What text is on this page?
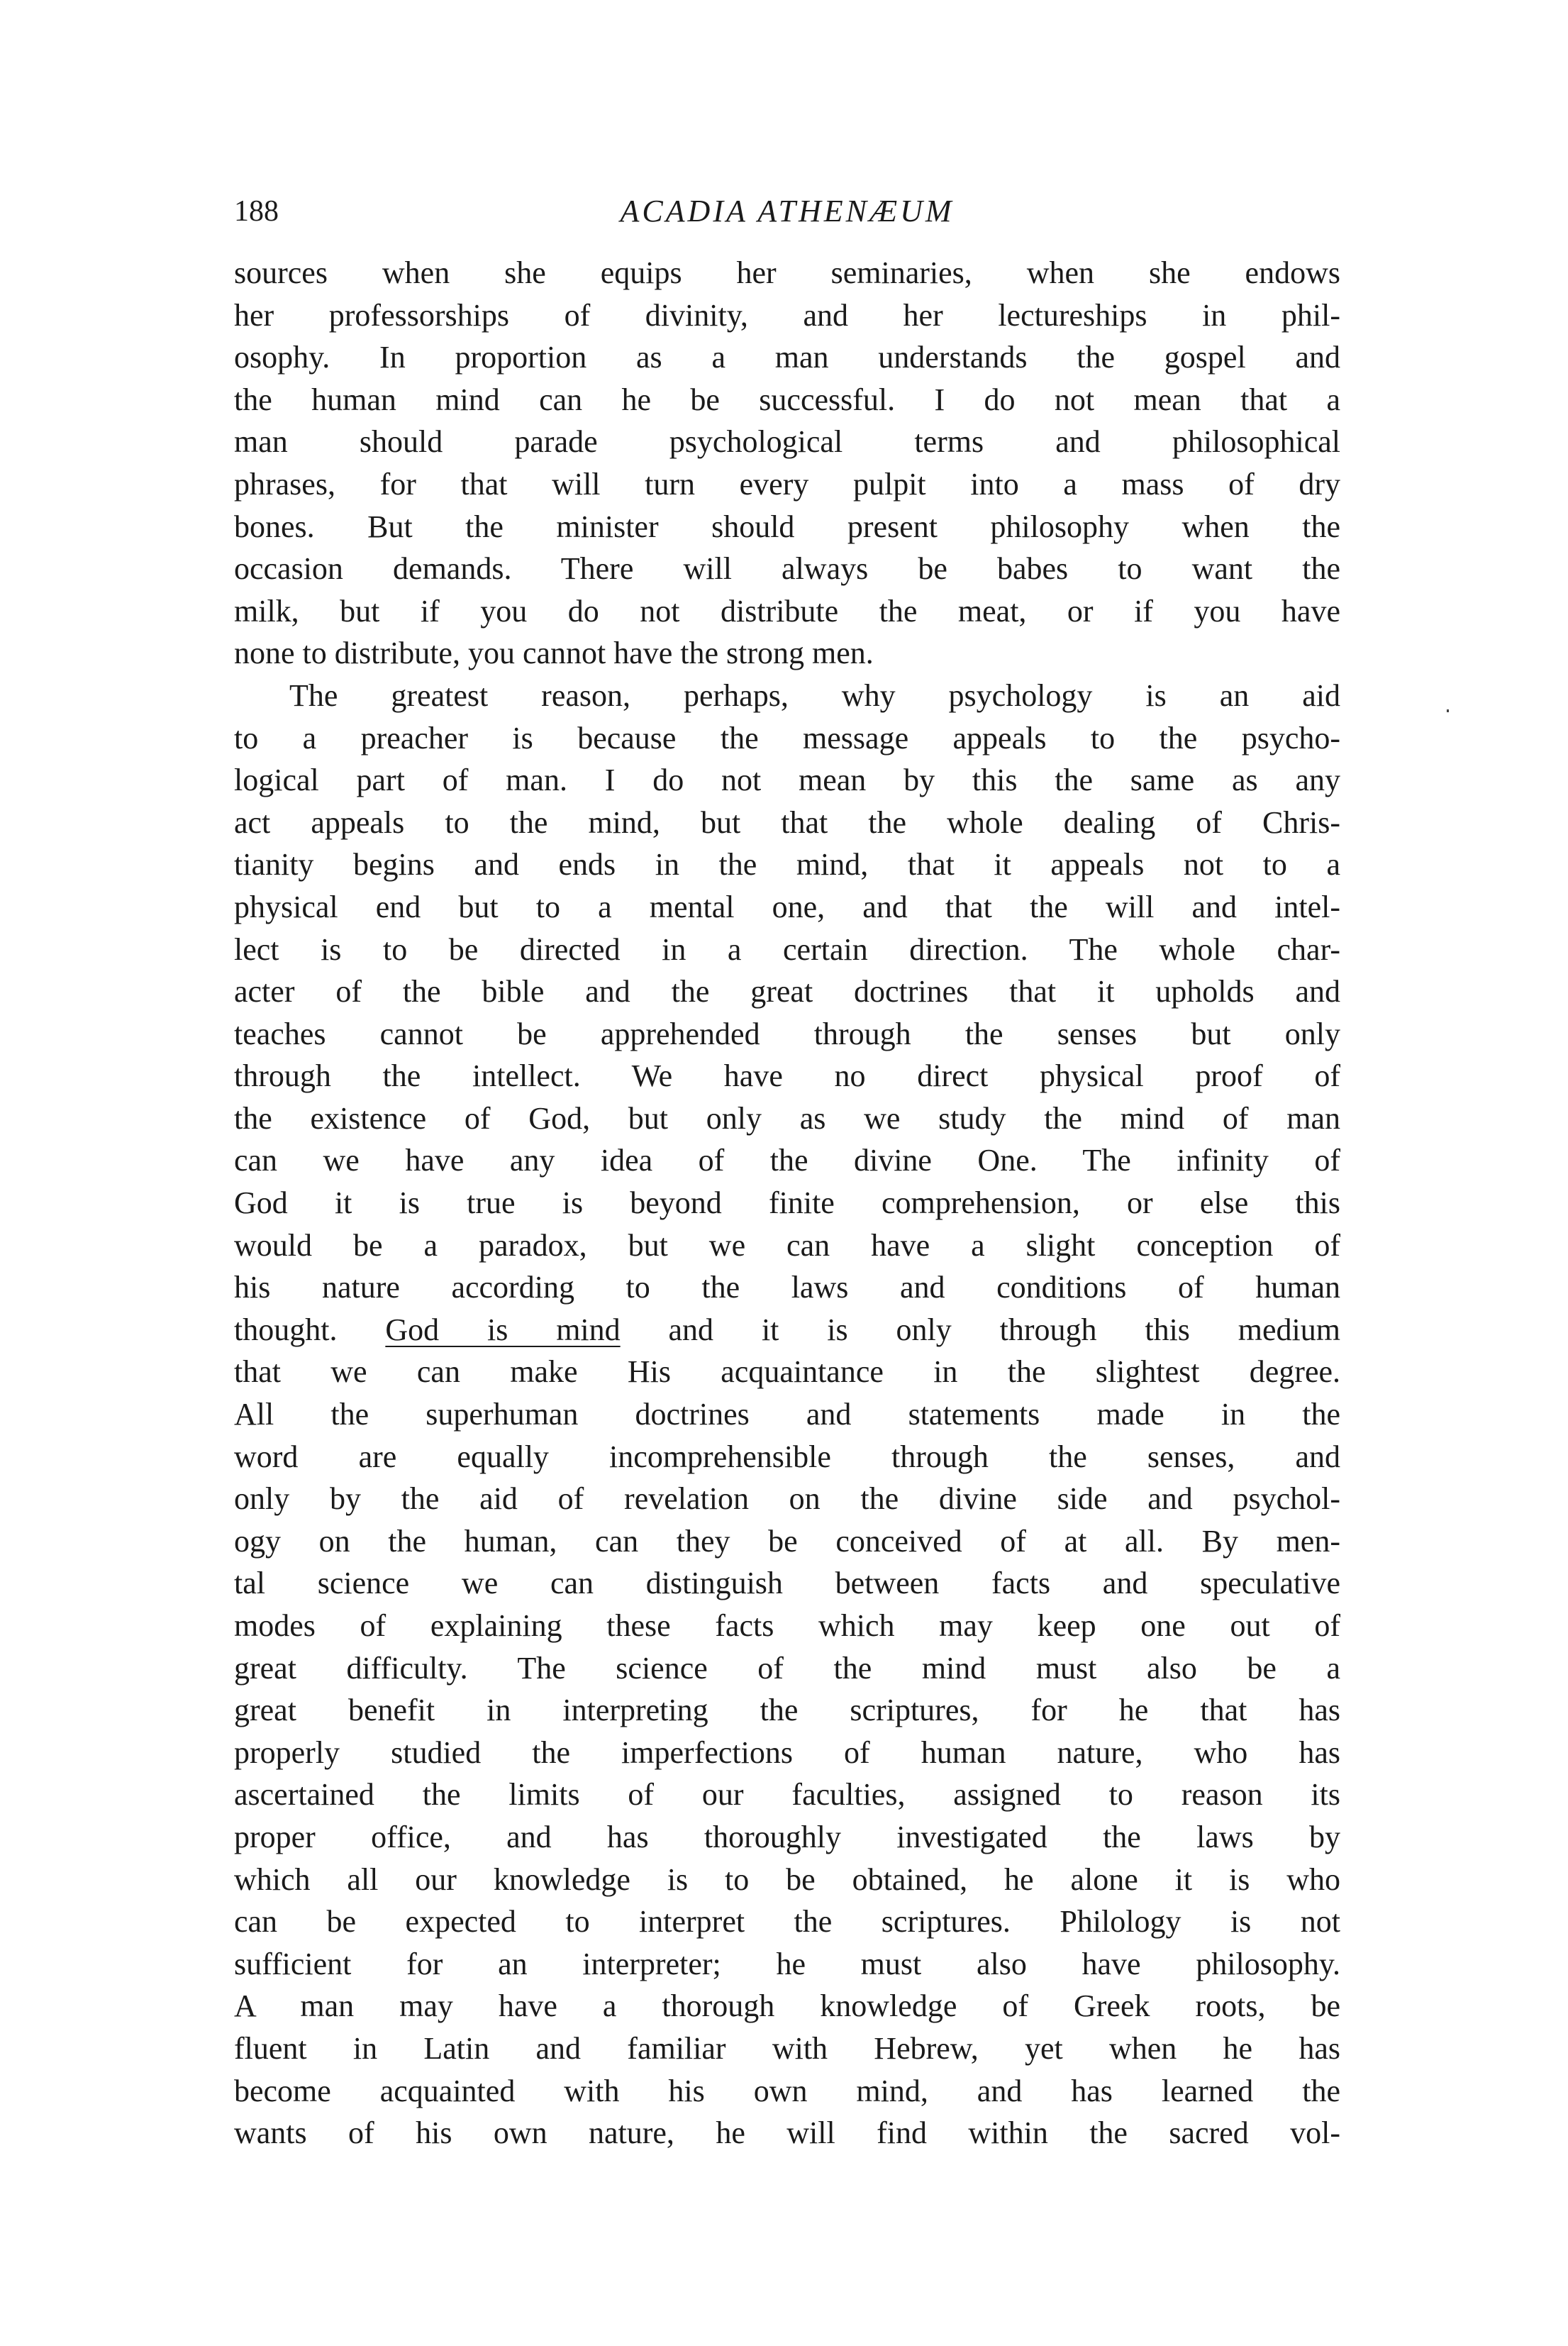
188	ACADIA ATHENÆUM
sources when she equips her seminaries, when she endows
her professorships of divinity, and her lectureships in phil-
osophy. In proportion as a man understands the gospel and
the human mind can he be successful. I do not mean that a
man should parade psychological terms and philosophical
phrases, for that will turn every pulpit into a mass of dry
bones. But the minister should present philosophy when the
occasion demands. There will always be babes to want the
milk, but if you do not distribute the meat, or if you have
none to distribute, you cannot have the strong men.
The greatest reason, perhaps, why psychology is an aid
to a preacher is because the message appeals to the psycho-
logical part of man. I do not mean by this the same as any
act appeals to the mind, but that the whole dealing of Chris-
tianity begins and ends in the mind, that it appeals not to a
physical end but to a mental one, and that the will and intel-
lect is to be directed in a certain direction. The whole char-
acter of the bible and the great doctrines that it upholds and
teaches cannot be apprehended through the senses but only
through the intellect. We have no direct physical proof of
the existence of God, but only as we study the mind of man
can we have any idea of the divine One. The infinity of
God it is true is beyond finite comprehension, or else this
would be a paradox, but we can have a slight conception of
his nature according to the laws and conditions of human
thought. God is mind and it is only through this medium
that we can make His acquaintance in the slightest degree.
All the superhuman doctrines and statements made in the
word are equally incomprehensible through the senses, and
only by the aid of revelation on the divine side and psychol-
ogy on the human, can they be conceived of at all. By men-
tal science we can distinguish between facts and speculative
modes of explaining these facts which may keep one out of
great difficulty. The science of the mind must also be a
great benefit in interpreting the scriptures, for he that has
properly studied the imperfections of human nature, who has
ascertained the limits of our faculties, assigned to reason its
proper office, and has thoroughly investigated the laws by
which all our knowledge is to be obtained, he alone it is who
can be expected to interpret the scriptures. Philology is not
sufficient for an interpreter; he must also have philosophy.
A man may have a thorough knowledge of Greek roots, be
fluent in Latin and familiar with Hebrew, yet when he has
become acquainted with his own mind, and has learned the
wants of his own nature, he will find within the sacred vol-
